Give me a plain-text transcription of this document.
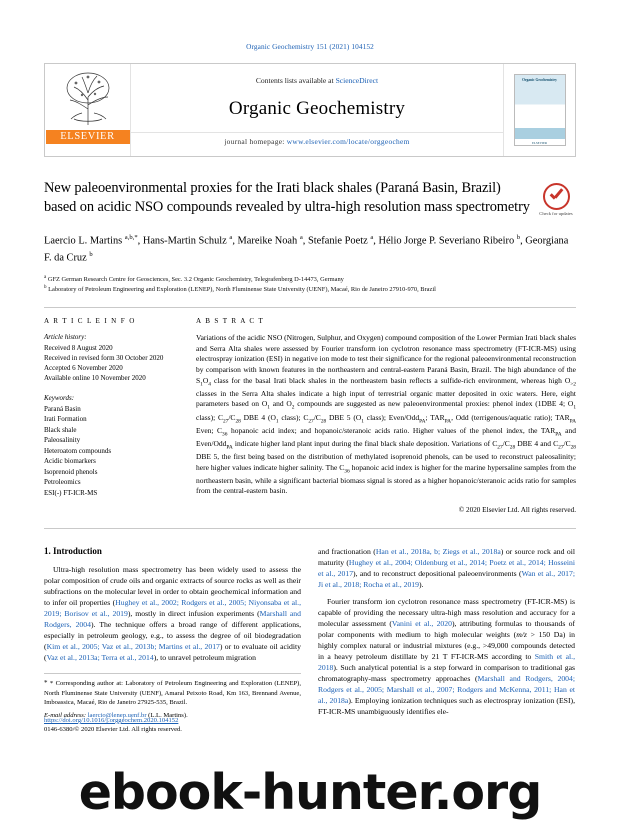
Organic Geochemistry 151 (2021) 104152
ELSEVIER
Contents lists available at ScienceDirect
Organic Geochemistry
journal homepage: www.elsevier.com/locate/orggeochem
Organic Geochemistry
ELSEVIER
New paleoenvironmental proxies for the Irati black shales (Paraná Basin, Brazil) based on acidic NSO compounds revealed by ultra-high resolution mass spectrometry	Check for updates
Laercio L. Martins $^{a,b,*}$, Hans-Martin Schulz $^a$, Mareike Noah $^a$, Stefanie Poetz $^a$, Hélio Jorge P. Severiano Ribeiro $^b$, Georgiana F. da Cruz $^b$
$^a$ GFZ German Research Centre for Geosciences, Sec. 3.2 Organic Geochemistry, Telegrafenberg D-14473, Germany
$^b$ Laboratory of Petroleum Engineering and Exploration (LENEP), North Fluminense State University (UENF), Macaé, Rio de Janeiro 27910-970, Brazil
A R T I C L E I N F O
Article history:
Received 8 August 2020
Received in revised form 30 October 2020
Accepted 6 November 2020
Available online 10 November 2020
Keywords:
Paraná Basin
Irati Formation
Black shale
Paleosalinity
Heteroatom compounds
Acidic biomarkers
Isoprenoid phenols
Petroleomics
ESI(-) FT-ICR-MS
A B S T R A C T
Variations of the acidic NSO (Nitrogen, Sulphur, and Oxygen) compound composition of the Lower Permian Irati black shales and Serra Alta shales were assessed by Fourier transform ion cyclotron resonance mass spectrometry (FT-ICR-MS) using electrospray ionization (ESI) in negative ion mode to test their significance for the regional paleoenvironmental reconstruction by comparison with known features in the northeastern and central-eastern Paraná Basin, Brazil. The high abundance of the $S_1O_4$ class for the basal Irati black shales in the northeastern basin reflects a sulfide-rich environment, whereas high $O_{>2}$ classes in the Serra Alta shales indicate a high input of terrestrial organic matter deposited in oxic waters. Here, eight parameters based on $O_1$ and $O_2$ compounds are suggested as new paleoenvironmental proxies: phenol index (1DBE 4; $O_1$ class); $C_{27}/C_{28}$ DBE 4 ($O_1$ class); $C_{27}/C_{28}$ DBE 5 ($O_1$ class); Even/Odd$_{PA}$; $TAR_{PA}$, Odd (terrigenous/aquatic ratio); $TAR_{PA}$ Even; $C_{36}$ hopanoic acid index; and hopanoic/steranoic acids ratio. Higher values of the phenol index, the $TAR_{PA}$ and Even/Odd$_{PA}$ indicate higher land plant input during the final black shale deposition. Variations of $C_{27}/C_{28}$ DBE 4 and $C_{27}/C_{28}$ DBE 5, the first being based on the distribution of methylated isoprenoid phenols, can be used to reconstruct paleosalinity; here higher values indicate higher salinity. The $C_{36}$ hopanoic acid index is higher for the marine hypersaline samples from the northeastern basin, while a significant bacterial biomass signal is stored as a higher hopanoic/steranoic acids ratio for samples from the central-eastern basin.
© 2020 Elsevier Ltd. All rights reserved.
1. Introduction

Ultra-high resolution mass spectrometry has been widely used to assess the polar composition of crude oils and organic extracts of source rocks as well as their subfractions on the molecular level in order to obtain geochemical information and to infer oil properties (Hughey et al., 2002; Rodgers et al., 2005; Niyonsaba et al., 2019; Borisov et al., 2019), mostly in direct infusion experiments (Marshall and Rodgers, 2004). The technique offers a broad range of different applications, especially in petroleum geology, e.g., to assess the degree of oil biodegradation (Kim et al., 2005; Vaz et al., 2013b; Martins et al., 2017) or to evaluate oil acidity (Vaz et al., 2013a; Terra et al., 2014), to unravel petroleum migration

* * Corresponding author at: Laboratory of Petroleum Engineering and Exploration (LENEP), North Fluminense State University (UENF), Amaral Peixoto Road, Km 163, Brennand Avenue, Imboassica, Macaé, Rio de Janeiro 27925-535, Brazil.
E-mail address: laercio@lenep.uenf.br (L.L. Martins).

and fractionation (Han et al., 2018a, b; Ziegs et al., 2018a) or source rock and oil maturity (Hughey et al., 2004; Oldenburg et al., 2014; Poetz et al., 2014; Hosseini et al., 2017), and to reconstruct depositional paleoenvironments (Wan et al., 2017; Ji et al., 2018; Rocha et al., 2019).

Fourier transform ion cyclotron resonance mass spectrometry (FT-ICR-MS) is capable of providing the necessary ultra-high mass resolution and accuracy for a molecular assessment (Vanini et al., 2020), attributing formulas to thousands of polar components with medium to high molecular weights (m/z > 150 Da) in highly complex natural or industrial mixtures (e.g., >49,000 compounds detected in a heavy petroleum distillate by 21 T FT-ICR-MS according to Smith et al., 2018). Such analytical potential is a step forward in comparison to traditional gas chromatography-mass spectrometry approaches (Marshall and Rodgers, 2004; Rodgers et al., 2005; Marshall et al., 2007; Rodgers and McKenna, 2011; Han et al., 2018a). Employing ionization techniques such as electrospray ionization (ESI), FT-ICR-MS unambiguously identifies ele-

https://doi.org/10.1016/j.orggeochem.2020.104152
0146-6380/© 2020 Elsevier Ltd. All rights reserved.
ebook-hunter.org
